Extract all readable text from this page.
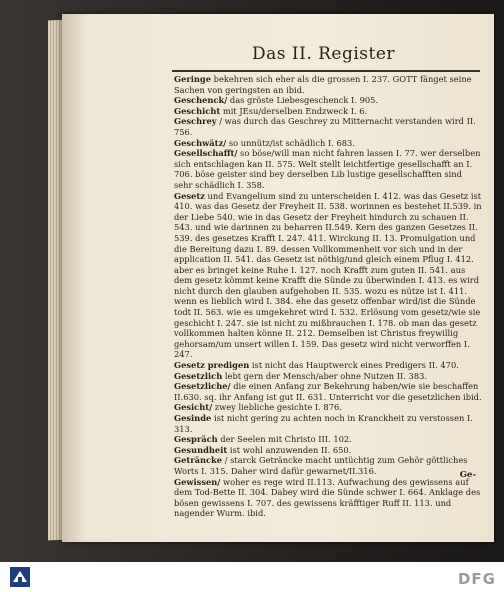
Das II. Register

Geringe bekehren sich eher als die grossen I. 237. GOTT fänget seine Sachen von geringsten an ibid.

Geschenck/ das gröste Liebesgeschenck I. 905.

Geschicht mit JEsu/derselben Endzweck I. 6.

Geschrey / was durch das Geschrey zu Mitternacht verstanden wird II. 756.

Geschwätz/ so unnütz/ist schädlich I. 683.

Gesellschafft/ so böse/will man nicht fahren lassen I. 77. wer derselben sich entschlagen kan II. 575. Welt stellt leichtfertige gesellschafft an I. 706. böse geister sind bey derselben Lib lustige gesellschafften sind sehr schädlich I. 358.

Gesetz und Evangelium sind zu unterscheiden I. 412. was das Gesetz ist 410. was das Gesetz der Freyheit II. 538. worinnen es bestehet II.539. in der Liebe 540. wie in das Gesetz der Freyheit hindurch zu schauen II. 543. und wie darinnen zu beharren II.549. Kern des ganzen Gesetzes II. 539. des gesetzes Krafft I. 247. 411. Wirckung II. 13. Promulgation und die Bereitung dazu I. 89. dessen Vollkommenheit vor sich und in der application II. 541. das Gesetz ist nöthig/und gleich einem Pflug I. 412. aber es bringet keine Ruhe I. 127. noch Krafft zum guten II. 541. aus dem gesetz kömmt keine Krafft die Sünde zu überwinden I. 413. es wird nicht durch den glauben aufgehoben II. 535. wozu es nütze ist I. 411. wenn es lieblich wird I. 384. ehe das gesetz offenbar wird/ist die Sünde todt II. 563. wie es umgekehret wird I. 532. Erlösung vom gesetz/wie sie geschicht I. 247. sie ist nicht zu mißbrauchen I. 178. ob man das gesetz vollkommen halten könne II. 212. Demselben ist Christus freywillig gehorsam/um unsert willen I. 159. Das gesetz wird nicht verworffen I. 247.

Gesetz predigen ist nicht das Hauptwerck eines Predigers II. 470.

Gesetzlich lebt gern der Mensch/aber ohne Nutzen II. 383.

Gesetzliche/ die einen Anfang zur Bekehrung haben/wie sie beschaffen II.630. sq. ihr Anfang ist gut II. 631. Unterricht vor die gesetzlichen ibid.

Gesicht/ zwey liebliche gesichte I. 876.

Gesinde ist nicht gering zu achten noch in Kranckheit zu verstossen I. 313.

Gespräch der Seelen mit Christo III. 102.

Gesundheit ist wohl anzuwenden II. 650.

Geträncke / starck Geträncke macht untüchtig zum Gehör göttliches Worts I. 315. Daher wird dafür gewarnet/II.316.

Gewissen/ woher es rege wird II.113. Aufwachung des gewissens auf dem Tod-Bette II. 304. Dabey wird die Sünde schwer I. 664. Anklage des bösen gewissens I. 707. des gewissens kräfftiger Ruff II. 113. und nagender Wurm. ibid.

Ge-
DFG
